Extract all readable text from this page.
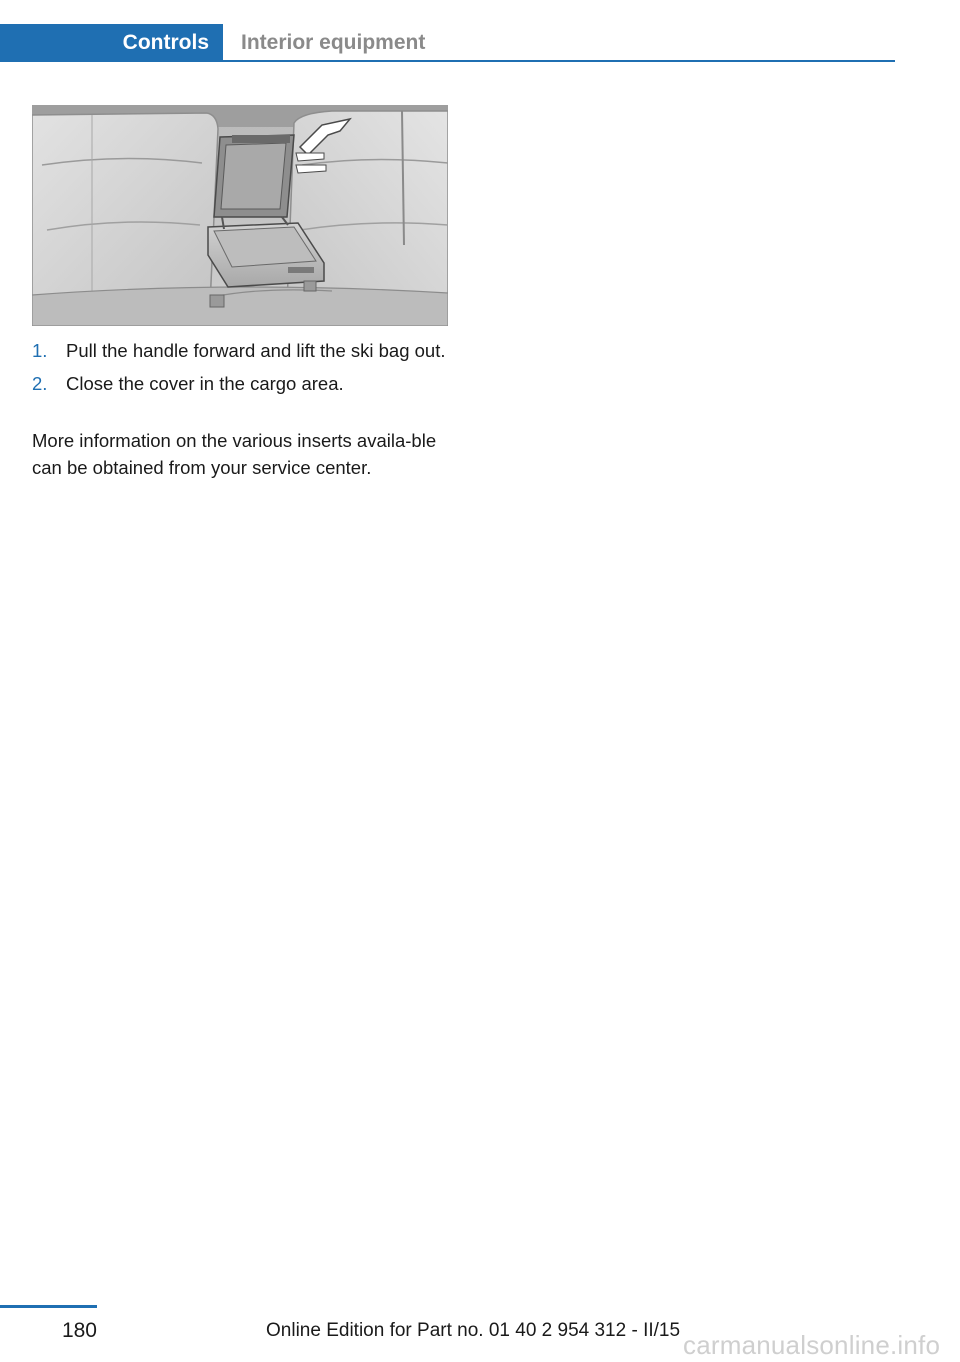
Controls	Interior equipment
1. Pull the handle forward and lift the ski bag out.
2. Close the cover in the cargo area.

More information on the various inserts availa-ble can be obtained from your service center.

180	Online Edition for Part no. 01 40 2 954 312 - II/15 carmanualsonline.info
